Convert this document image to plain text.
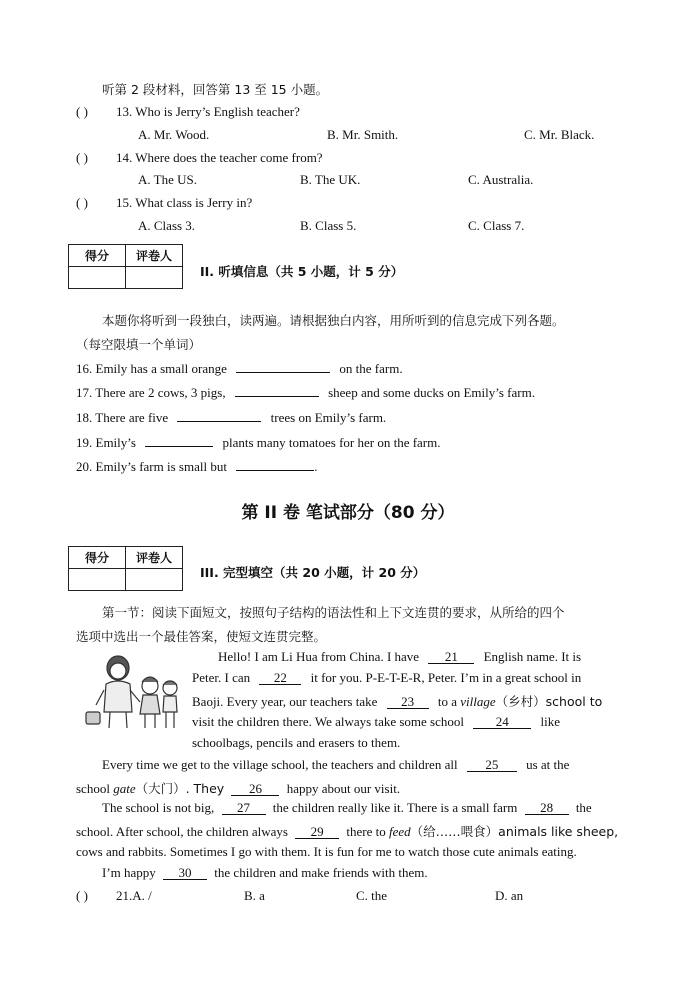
听第 2 段材料，回答第 13 至 15 小题。
( ) 13. Who is Jerry’s English teacher?
A. Mr. Wood.	B. Mr. Smith.	C. Mr. Black.
( ) 14. Where does the teacher come from?
A. The US.	B. The UK.	C. Australia.
( ) 15. What class is Jerry in?
A. Class 3.	B. Class 5.	C. Class 7.
得分	评卷人

II. 听填信息（共 5 小题，计 5 分）
本题你将听到一段独白，读两遍。请根据独白内容，用所听到的信息完成下列各题。
（每空限填一个单词）
16. Emily has a small orange	on the farm.
17. There are 2 cows, 3 pigs,	sheep and some ducks on Emily’s farm.
18. There are five	trees on Emily’s farm.
19. Emily’s	plants many tomatoes for her on the farm.
20. Emily’s farm is small but	.
第 II 卷 笔试部分（80 分）
得分	评卷人

III. 完型填空（共 20 小题，计 20 分）
第一节：阅读下面短文，按照句子结构的语法性和上下文连贯的要求，从所给的四个
选项中选出一个最佳答案，使短文连贯完整。
Hello! I am Li Hua from China. I have 21 English name. It is
Peter. I can 22 it for you. P-E-T-E-R, Peter. I’m in a great school in
Baoji. Every year, our teachers take 23 to a village（乡村）school to
visit the children there. We always take some school 24 like
schoolbags, pencils and erasers to them.
Every time we get to the village school, the teachers and children all 25 us at the
school gate（大门）. They 26 happy about our visit.
The school is not big, 27 the children really like it. There is a small farm 28 the
school. After school, the children always 29 there to feed（给……喂食）animals like sheep,
cows and rabbits. Sometimes I go with them. It is fun for me to watch those cute animals eating.
I’m happy 30 the children and make friends with them.
( ) 21.A. /	B. a	C. the	D. an
